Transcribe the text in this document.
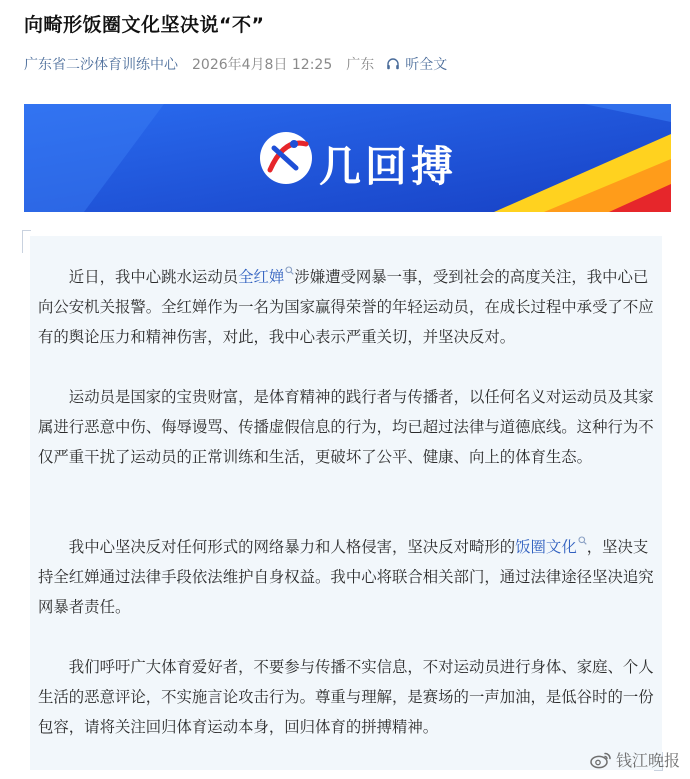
向畸形饭圈文化坚决说“不”
广东省二沙体育训练中心 2026年4月8日 12:25 广东 听全文
几回搏

近日，我中心跳水运动员全红婵 涉嫌遭受网暴一事，受到社会的高度关注，我中心已向公安机关报警。全红婵作为一名为国家赢得荣誉的年轻运动员，在成长过程中承受了不应有的舆论压力和精神伤害，对此，我中心表示严重关切，并坚决反对。

运动员是国家的宝贵财富，是体育精神的践行者与传播者，以任何名义对运动员及其家属进行恶意中伤、侮辱谩骂、传播虚假信息的行为，均已超过法律与道德底线。这种行为不仅严重干扰了运动员的正常训练和生活，更破坏了公平、健康、向上的体育生态。

我中心坚决反对任何形式的网络暴力和人格侵害，坚决反对畸形的饭圈文化 ，坚决支持全红婵通过法律手段依法维护自身权益。我中心将联合相关部门，通过法律途径坚决追究网暴者责任。

我们呼吁广大体育爱好者，不要参与传播不实信息，不对运动员进行身体、家庭、个人生活的恶意评论，不实施言论攻击行为。尊重与理解，是赛场的一声加油，是低谷时的一份包容，请将关注回归体育运动本身，回归体育的拼搏精神。

钱江晚报
